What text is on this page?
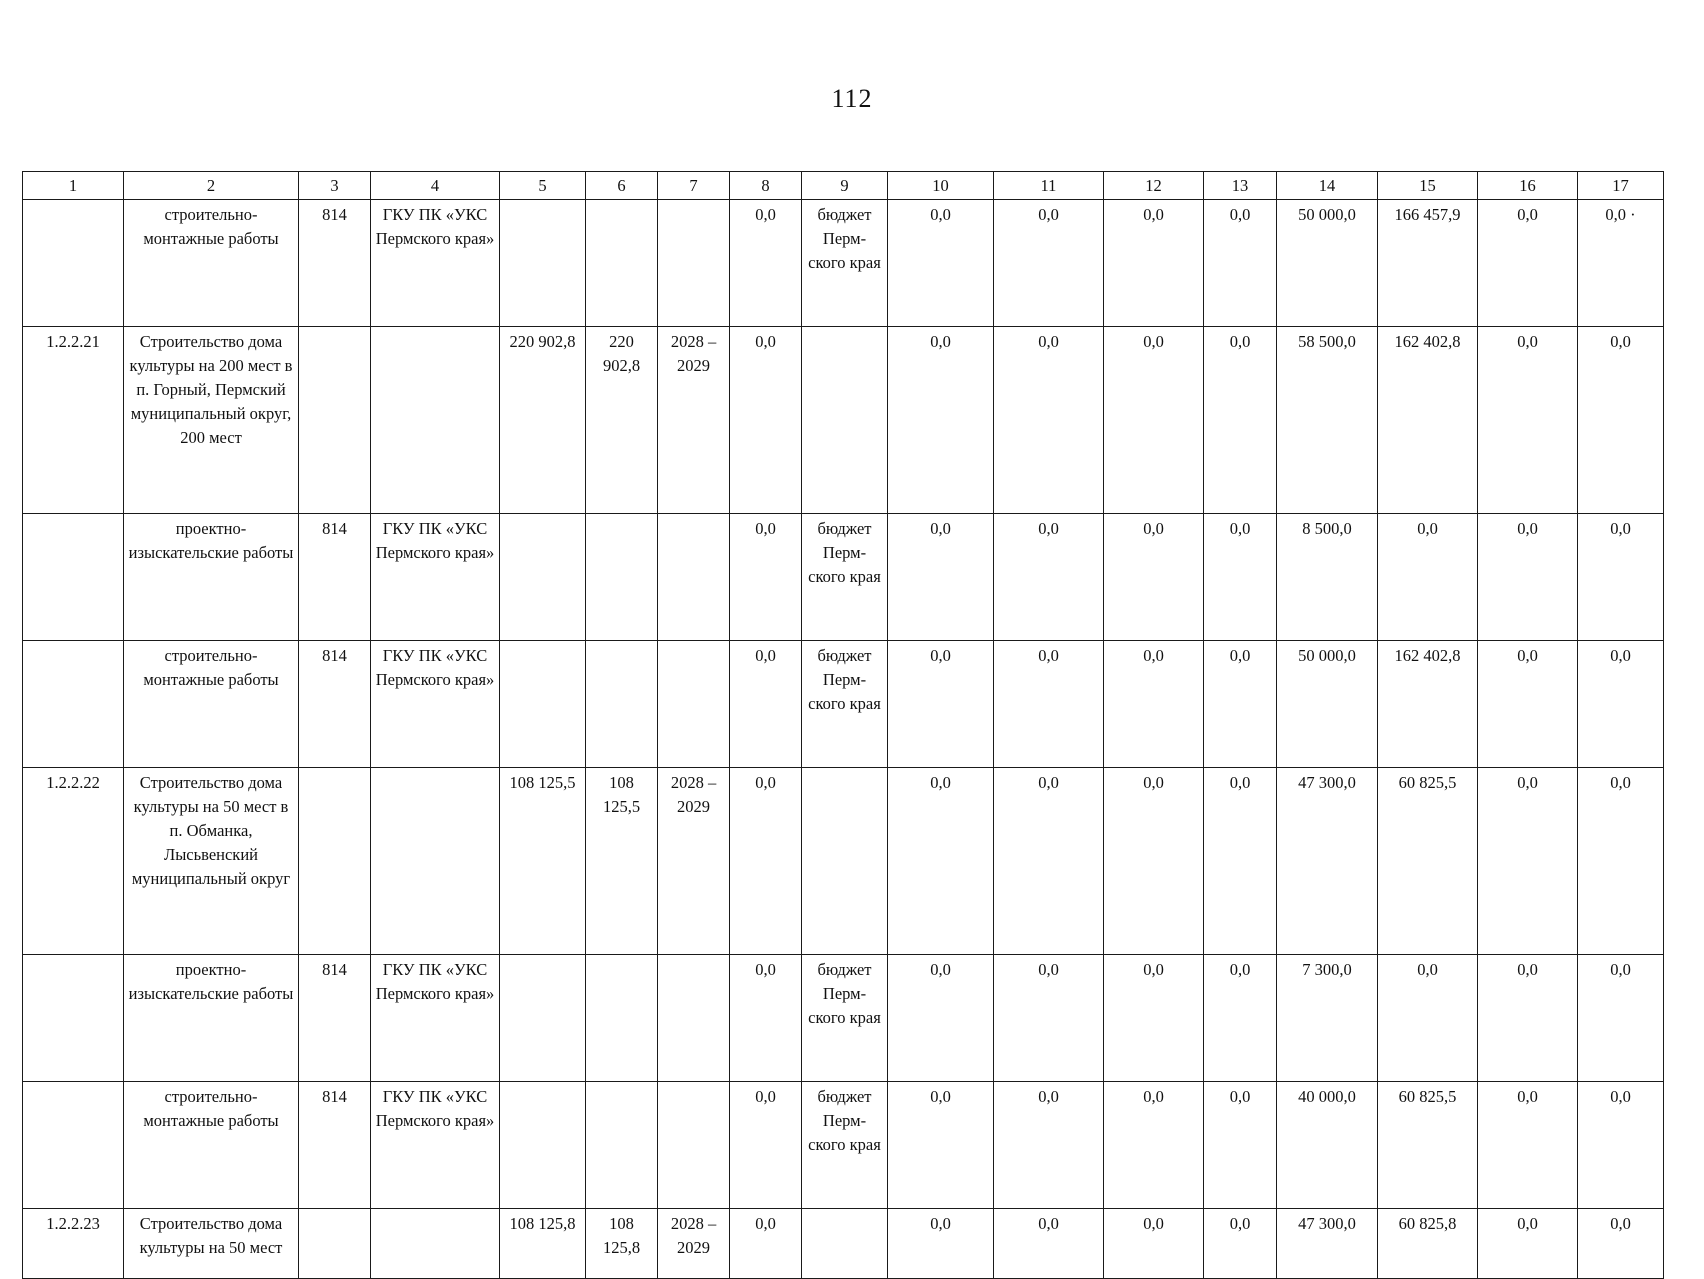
112
1	2	3	4	5	6	7	8	9	10	11	12	13	14	15	16	17
	строительно-монтажные работы	814	ГКУ ПК «УКС Пермского края»				0,0	бюджет Перм-ского края	0,0	0,0	0,0	0,0	50 000,0	166 457,9	0,0	0,0 ·
1.2.2.21	Строительство дома культуры на 200 мест в п. Горный, Пермский муниципальный округ, 200 мест			220 902,8	220 902,8	2028 – 2029	0,0		0,0	0,0	0,0	0,0	58 500,0	162 402,8	0,0	0,0
	проектно-изыскательские работы	814	ГКУ ПК «УКС Пермского края»				0,0	бюджет Перм-ского края	0,0	0,0	0,0	0,0	8 500,0	0,0	0,0	0,0
	строительно-монтажные работы	814	ГКУ ПК «УКС Пермского края»				0,0	бюджет Перм-ского края	0,0	0,0	0,0	0,0	50 000,0	162 402,8	0,0	0,0
1.2.2.22	Строительство дома культуры на 50 мест в п. Обманка, Лысьвенский муниципальный округ			108 125,5	108 125,5	2028 – 2029	0,0		0,0	0,0	0,0	0,0	47 300,0	60 825,5	0,0	0,0
	проектно-изыскательские работы	814	ГКУ ПК «УКС Пермского края»				0,0	бюджет Перм-ского края	0,0	0,0	0,0	0,0	7 300,0	0,0	0,0	0,0
	строительно-монтажные работы	814	ГКУ ПК «УКС Пермского края»				0,0	бюджет Перм-ского края	0,0	0,0	0,0	0,0	40 000,0	60 825,5	0,0	0,0
1.2.2.23	Строительство дома культуры на 50 мест			108 125,8	108 125,8	2028 – 2029	0,0		0,0	0,0	0,0	0,0	47 300,0	60 825,8	0,0	0,0
